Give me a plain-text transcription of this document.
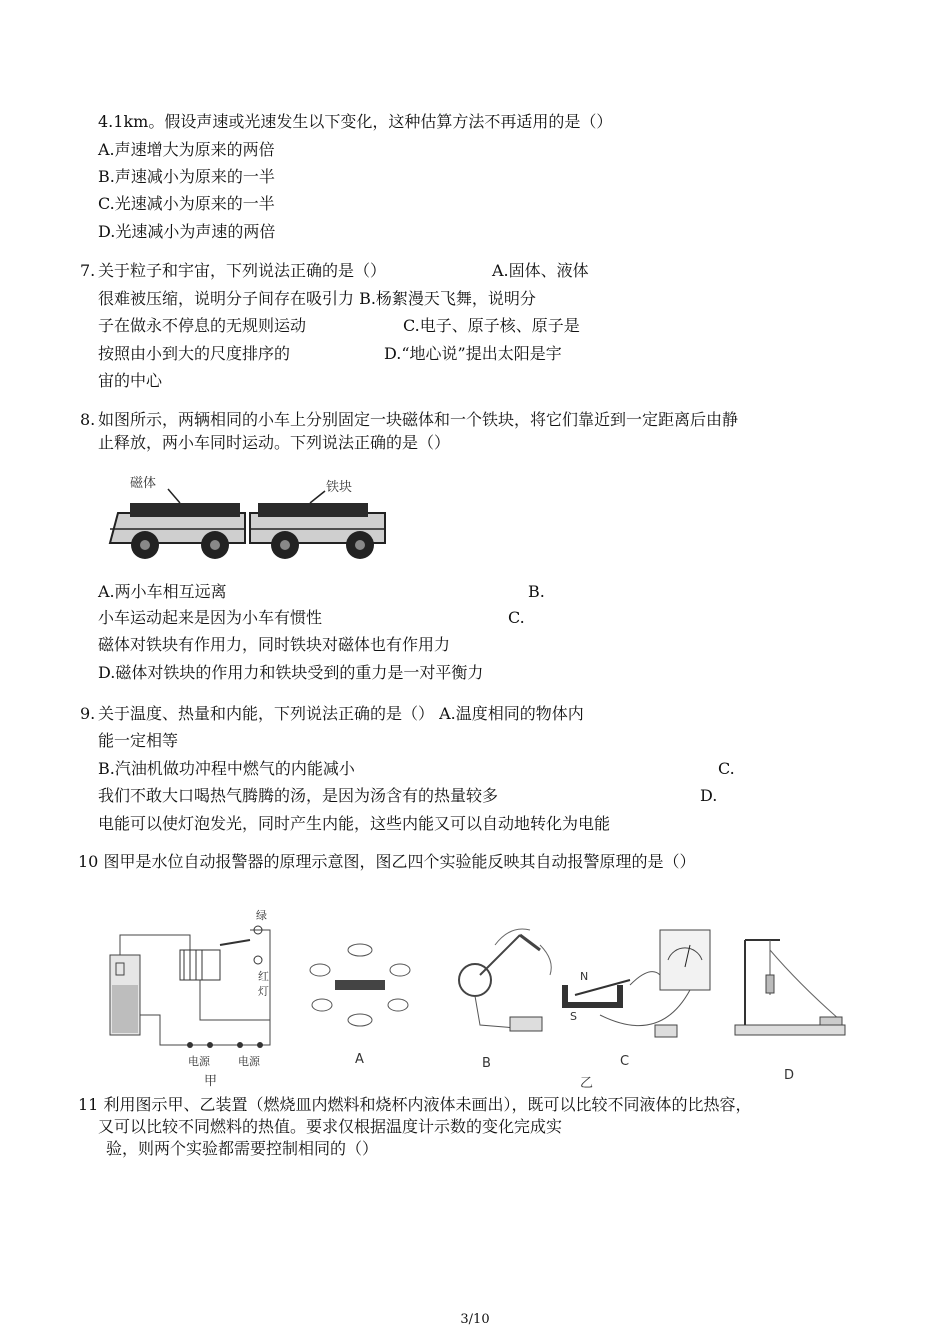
4.1km。假设声速或光速发生以下变化，这种估算方法不再适用的是（）
A.声速增大为原来的两倍
B.声速减小为原来的一半
C.光速减小为原来的一半
D.光速减小为声速的两倍
7. 关于粒子和宇宙，下列说法正确的是（）	A.固体、液体
很难被压缩，说明分子间存在吸引力 B.杨絮漫天飞舞，说明分
子在做永不停息的无规则运动	C.电子、原子核、原子是
按照由小到大的尺度排序的	D.“地心说”提出太阳是宇
宙的中心
8. 如图所示，两辆相同的小车上分别固定一块磁体和一个铁块，将它们靠近到一定距离后由静
止释放，两小车同时运动。下列说法正确的是（）
磁体	铁块
A.两小车相互远离	B.
小车运动起来是因为小车有惯性	C.
磁体对铁块有作用力，同时铁块对磁体也有作用力
D.磁体对铁块的作用力和铁块受到的重力是一对平衡力
9. 关于温度、热量和内能，下列说法正确的是（） A.温度相同的物体内
能一定相等
B.汽油机做功冲程中燃气的内能减小	C.
我们不敢大口喝热气腾腾的汤，是因为汤含有的热量较多	D.
电能可以使灯泡发光，同时产生内能，这些内能又可以自动地转化为电能
10 图甲是水位自动报警器的原理示意图，图乙四个实验能反映其自动报警原理的是（）
绿
红
灯
电源	电源
甲
A	B
N
S
C
D
乙
11 利用图示甲、乙装置（燃烧皿内燃料和烧杯内液体未画出），既可以比较不同液体的比热容，
又可以比较不同燃料的热值。要求仅根据温度计示数的变化完成实
验，则两个实验都需要控制相同的（）
3/10
